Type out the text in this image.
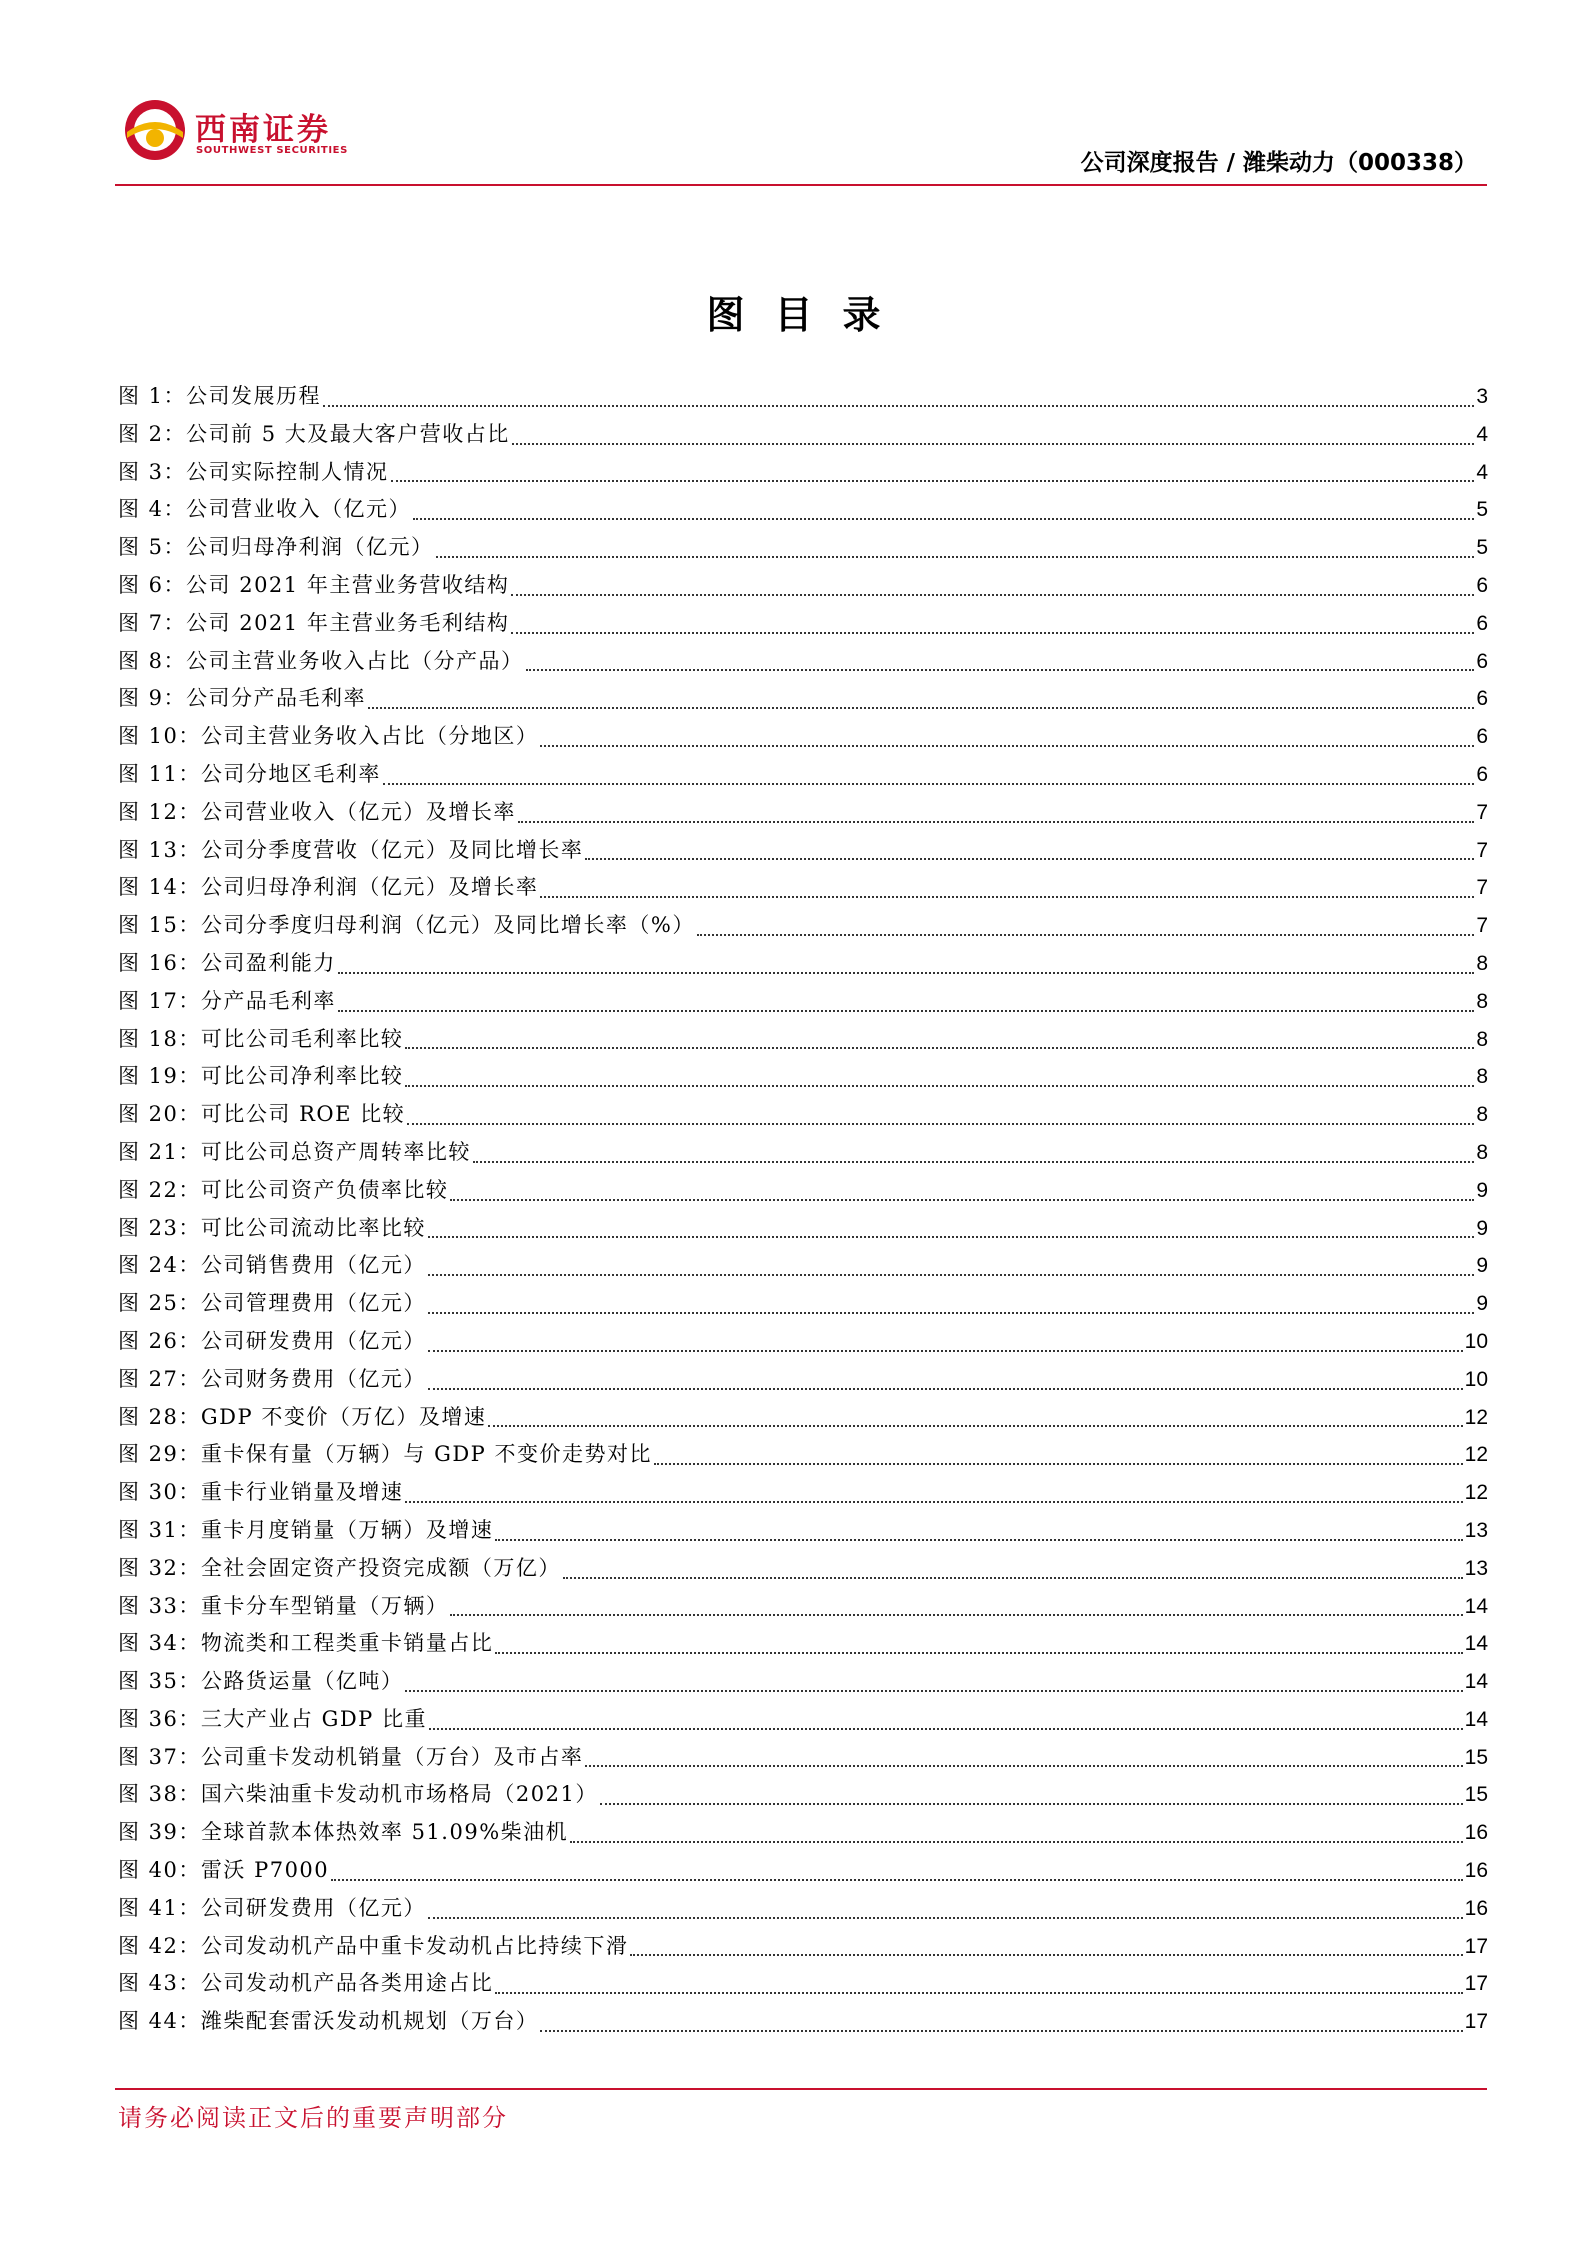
西南证券
SOUTHWEST SECURITIES	公司深度报告 / 潍柴动力（000338）
图目录
图 1：公司发展历程	3
图 2：公司前 5 大及最大客户营收占比	4
图 3：公司实际控制人情况	4
图 4：公司营业收入（亿元）	5
图 5：公司归母净利润（亿元）	5
图 6：公司 2021 年主营业务营收结构	6
图 7：公司 2021 年主营业务毛利结构	6
图 8：公司主营业务收入占比（分产品）	6
图 9：公司分产品毛利率	6
图 10：公司主营业务收入占比（分地区）	6
图 11：公司分地区毛利率	6
图 12：公司营业收入（亿元）及增长率	7
图 13：公司分季度营收（亿元）及同比增长率	7
图 14：公司归母净利润（亿元）及增长率	7
图 15：公司分季度归母利润（亿元）及同比增长率（%）	7
图 16：公司盈利能力	8
图 17：分产品毛利率	8
图 18：可比公司毛利率比较	8
图 19：可比公司净利率比较	8
图 20：可比公司 ROE 比较	8
图 21：可比公司总资产周转率比较	8
图 22：可比公司资产负债率比较	9
图 23：可比公司流动比率比较	9
图 24：公司销售费用（亿元）	9
图 25：公司管理费用（亿元）	9
图 26：公司研发费用（亿元）	10
图 27：公司财务费用（亿元）	10
图 28：GDP 不变价（万亿）及增速	12
图 29：重卡保有量（万辆）与 GDP 不变价走势对比	12
图 30：重卡行业销量及增速	12
图 31：重卡月度销量（万辆）及增速	13
图 32：全社会固定资产投资完成额（万亿）	13
图 33：重卡分车型销量（万辆）	14
图 34：物流类和工程类重卡销量占比	14
图 35：公路货运量（亿吨）	14
图 36：三大产业占 GDP 比重	14
图 37：公司重卡发动机销量（万台）及市占率	15
图 38：国六柴油重卡发动机市场格局（2021）	15
图 39：全球首款本体热效率 51.09%柴油机	16
图 40：雷沃 P7000	16
图 41：公司研发费用（亿元）	16
图 42：公司发动机产品中重卡发动机占比持续下滑	17
图 43：公司发动机产品各类用途占比	17
图 44：潍柴配套雷沃发动机规划（万台）	17
请务必阅读正文后的重要声明部分
